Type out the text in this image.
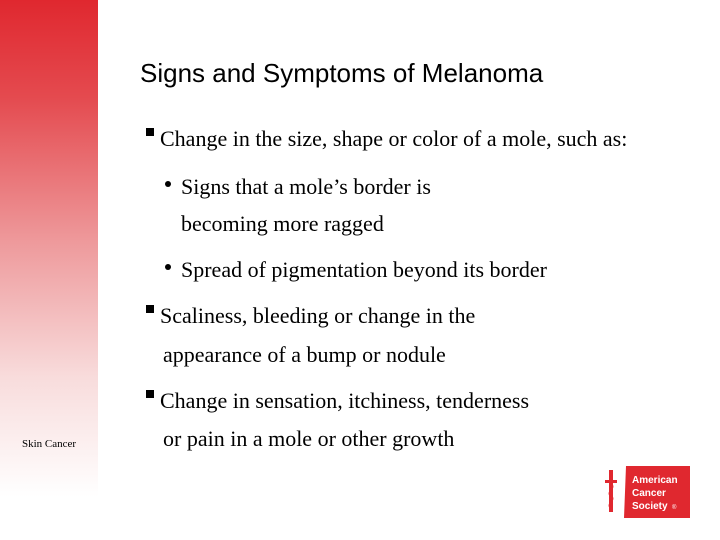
Skin Cancer
Signs and Symptoms of Melanoma
Change in the size, shape or color of a mole, such as:
Signs that a mole’s border is
becoming more ragged
Spread of pigmentation beyond its border
Scaliness, bleeding or change in the
appearance of a bump or nodule
Change in sensation, itchiness, tenderness
or pain in a mole or other growth
American
Cancer
Society ®
